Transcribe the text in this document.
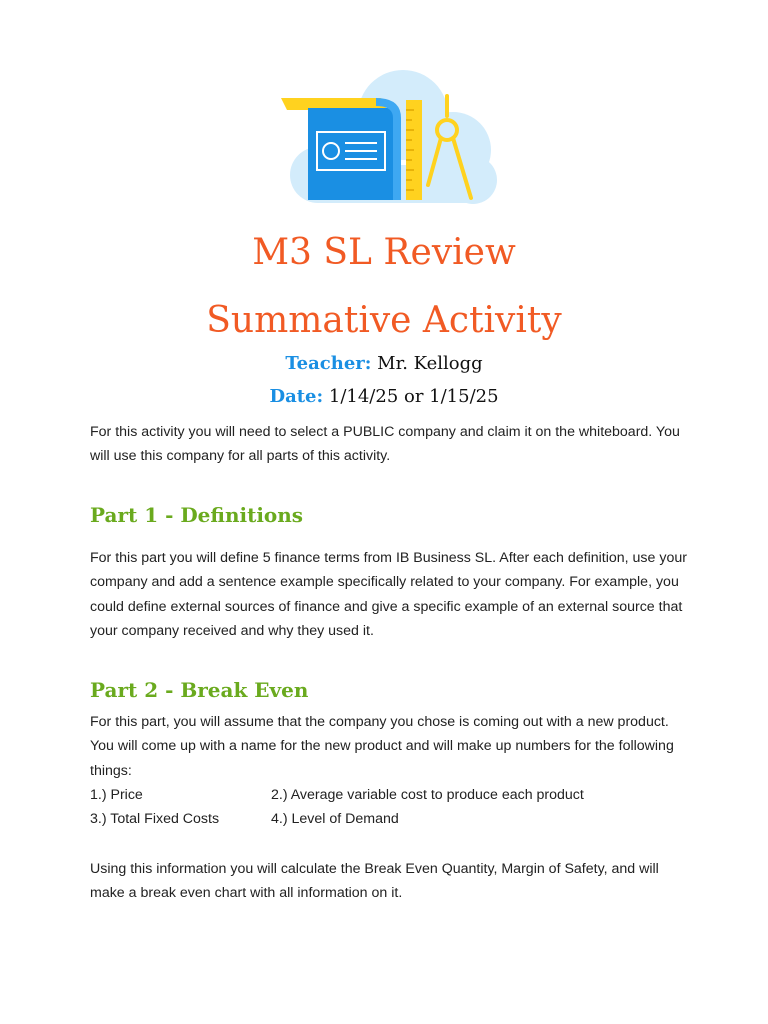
M3 SL Review
Summative Activity
Teacher: Mr. Kellogg
Date: 1/14/25 or 1/15/25

For this activity you will need to select a PUBLIC company and claim it on the whiteboard. You will use this company for all parts of this activity.

Part 1 - Definitions

For this part you will define 5 finance terms from IB Business SL. After each definition, use your company and add a sentence example specifically related to your company. For example, you could define external sources of finance and give a specific example of an external source that your company received and why they used it.

Part 2 - Break Even

For this part, you will assume that the company you chose is coming out with a new product. You will come up with a name for the new product and will make up numbers for the following things:

1.) Price	2.) Average variable cost to produce each product
3.) Total Fixed Costs	4.) Level of Demand

Using this information you will calculate the Break Even Quantity, Margin of Safety, and will make a break even chart with all information on it.
